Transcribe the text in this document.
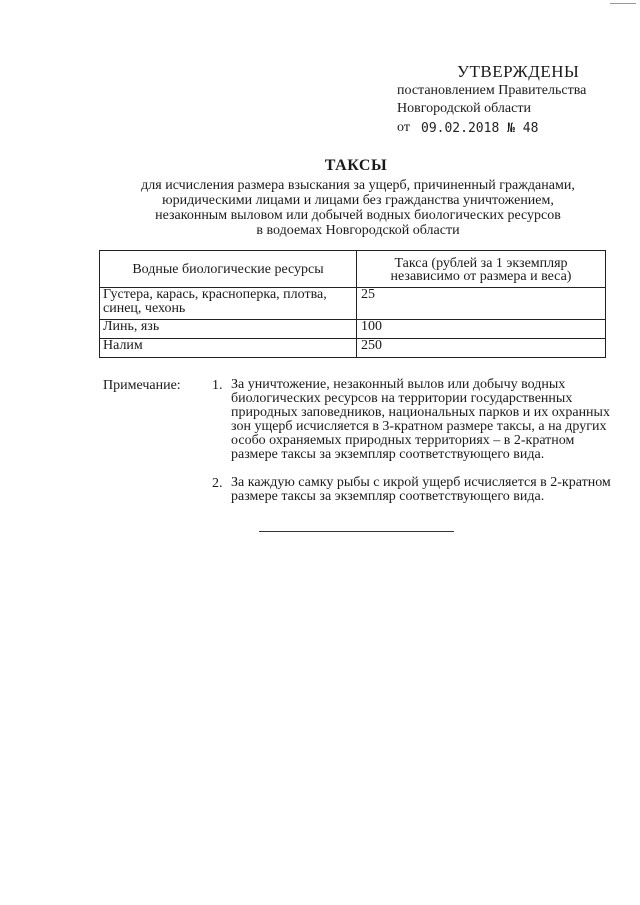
УТВЕРЖДЕНЫ
постановлением Правительства
Новгородской области
от 09.02.2018 № 48
ТАКСЫ
для исчисления размера взыскания за ущерб, причиненный гражданами,
юридическими лицами и лицами без гражданства уничтожением,
незаконным выловом или добычей водных биологических ресурсов
в водоемах Новгородской области
Водные биологические ресурсы	Такса (рублей за 1 экземпляр независимо от размера и веса)
Густера, карась, красноперка, плотва, синец, чехонь	25
Линь, язь	100
Налим	250
Примечание: 1. За уничтожение, незаконный вылов или добычу водных биологических ресурсов на территории государственных природных заповедников, национальных парков и их охранных зон ущерб исчисляется в 3-кратном размере таксы, а на других особо охраняемых природных территориях – в 2-кратном размере таксы за экземпляр соответствующего вида.
2. За каждую самку рыбы с икрой ущерб исчисляется в 2-кратном размере таксы за экземпляр соответствующего вида.
